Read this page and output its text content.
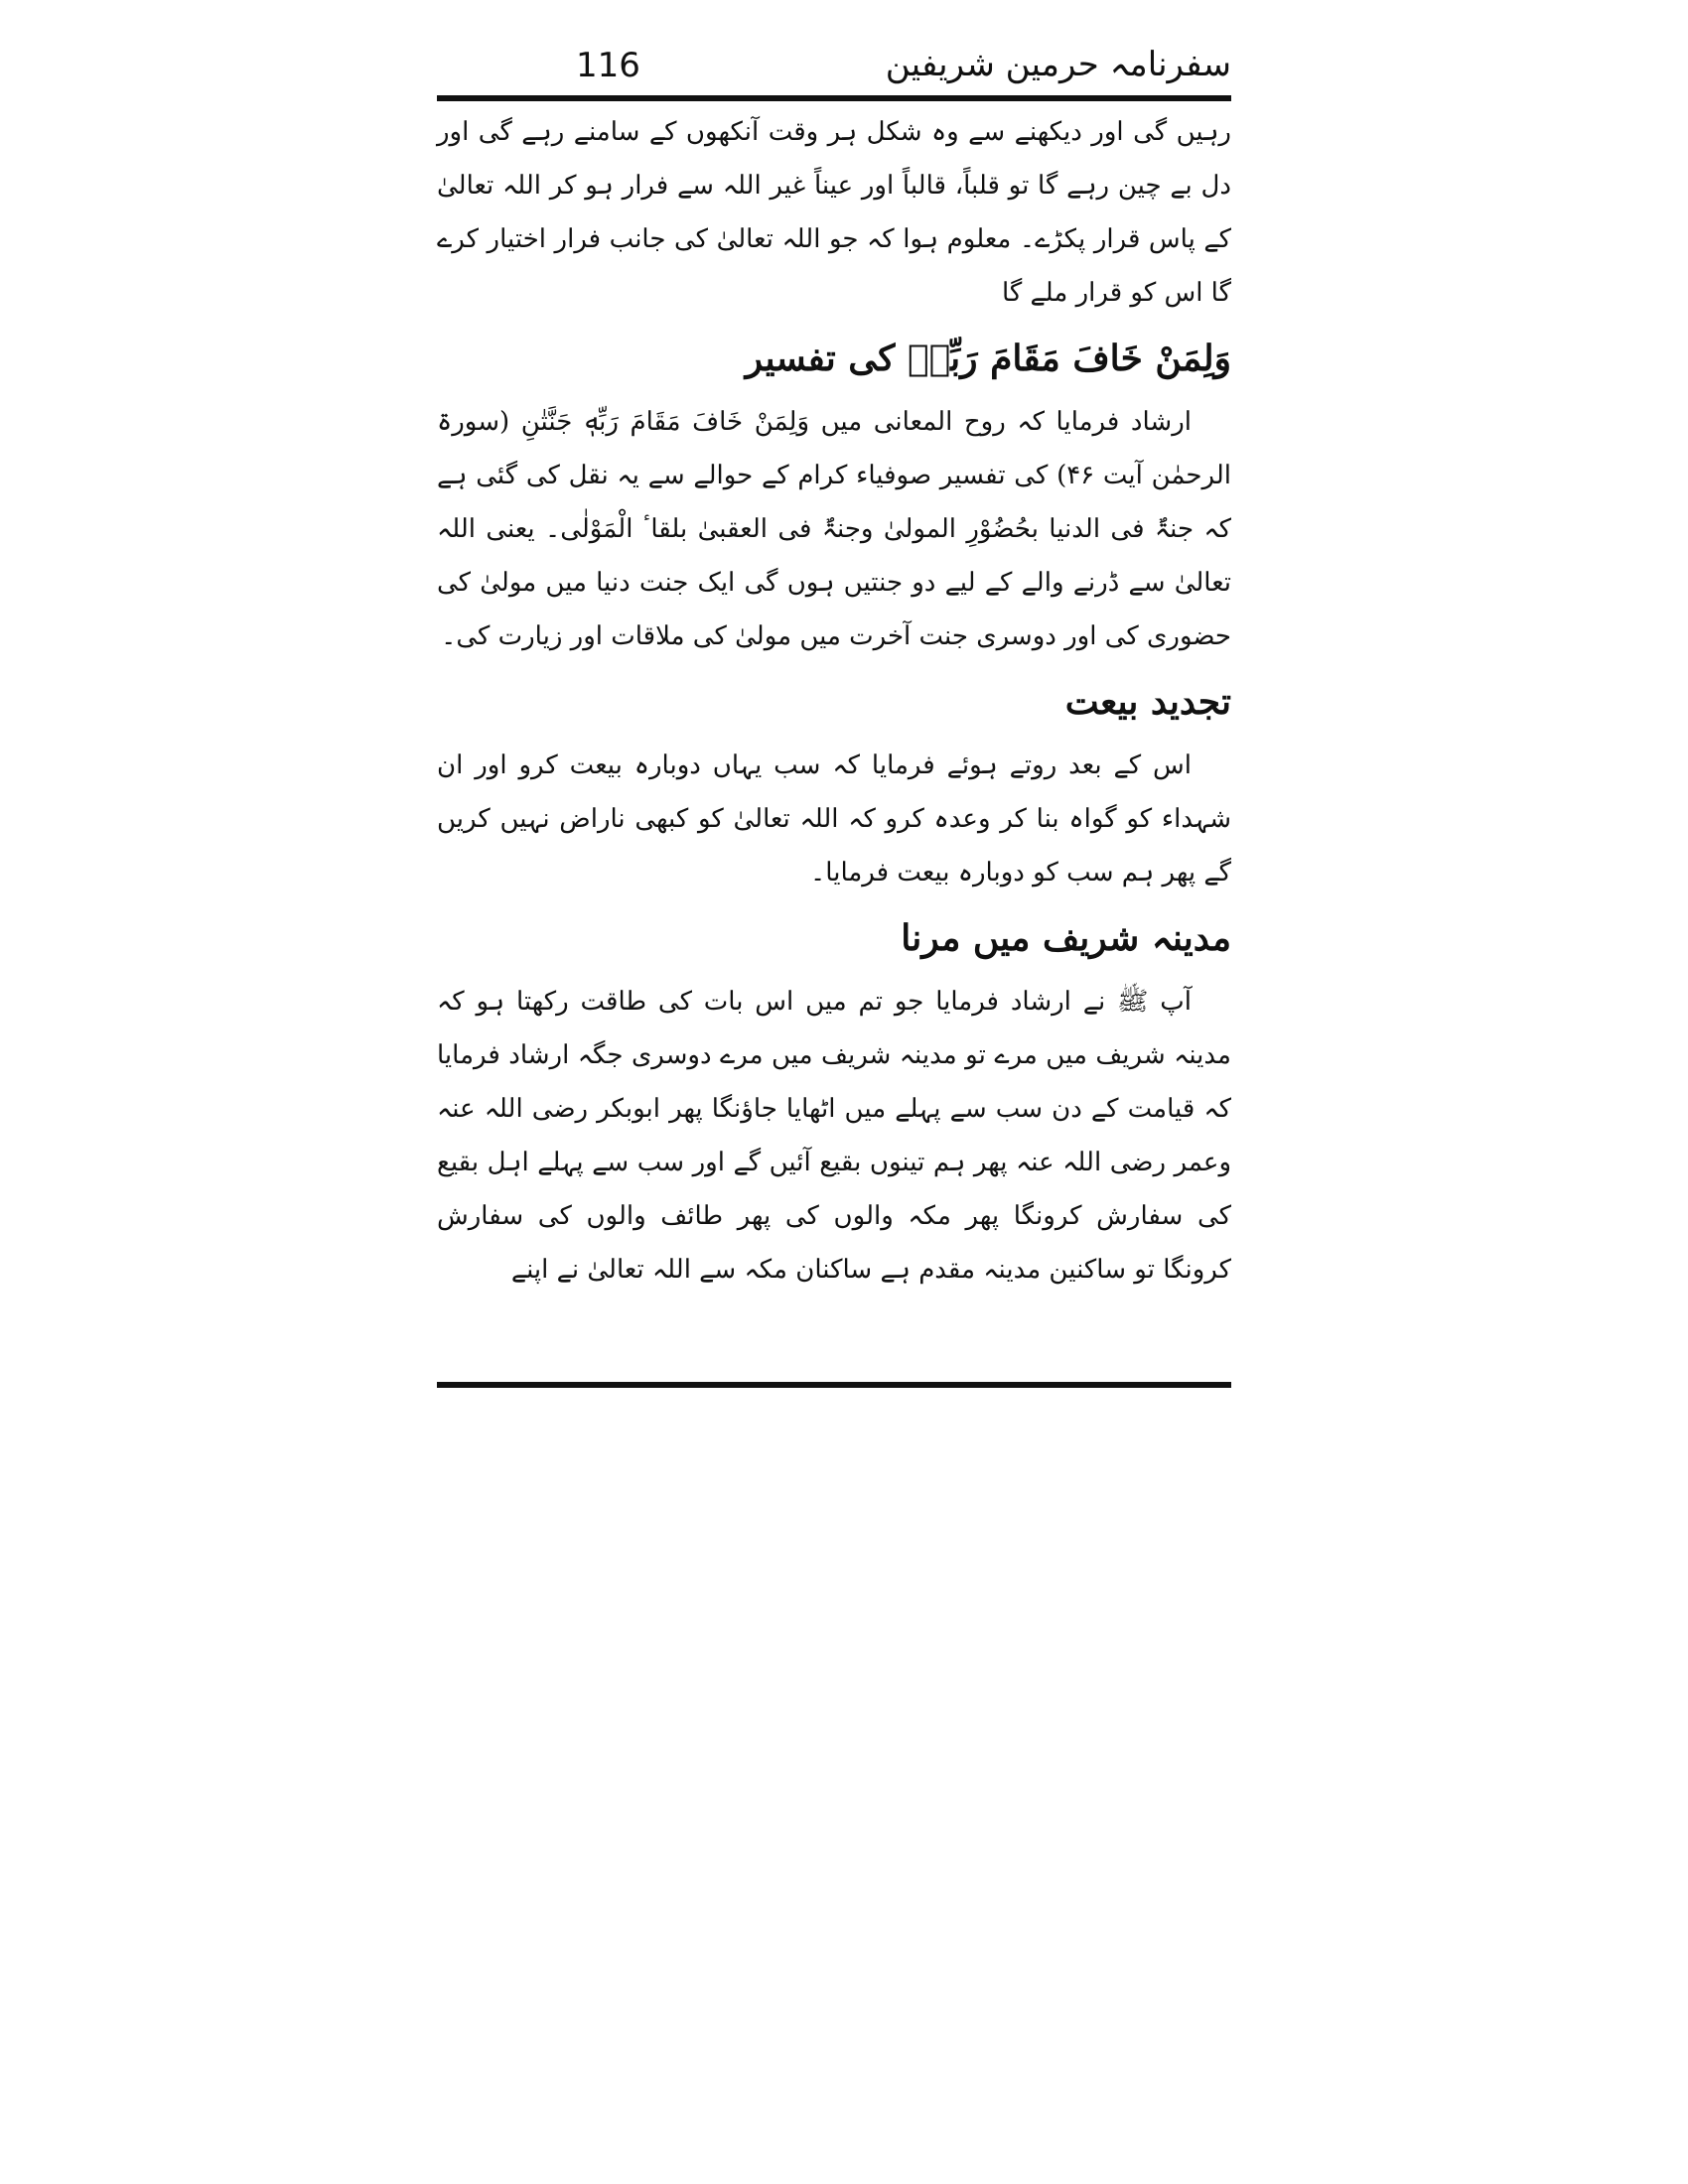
116	سفرنامہ حرمین شریفین

رہیں گی اور دیکھنے سے وہ شکل ہر وقت آنکھوں کے سامنے رہے گی اور دل بے چین رہے گا تو قلباً، قالباً اور عیناً غیر اللہ سے فرار ہو کر اللہ تعالیٰ کے پاس قرار پکڑے۔ معلوم ہوا کہ جو اللہ تعالیٰ کی جانب فرار اختیار کرے گا اس کو قرار ملے گا

وَلِمَنْ خَافَ مَقَامَ رَبِّهٖ کی تفسیر

ارشاد فرمایا کہ روح المعانی میں وَلِمَنْ خَافَ مَقَامَ رَبِّهٖ جَنَّتٰنِ (سورۃ الرحمٰن آیت ۴۶) کی تفسیر صوفیاء کرام کے حوالے سے یہ نقل کی گئی ہے کہ جنۃٌ فی الدنیا بحُضُوْرِ المولیٰ وجنۃٌ فی العقبیٰ بلقاٴ الْمَوْلٰی۔ یعنی اللہ تعالیٰ سے ڈرنے والے کے لیے دو جنتیں ہوں گی ایک جنت دنیا میں مولیٰ کی حضوری کی اور دوسری جنت آخرت میں مولیٰ کی ملاقات اور زیارت کی۔

تجدید بیعت

اس کے بعد روتے ہوئے فرمایا کہ سب یہاں دوبارہ بیعت کرو اور ان شہداء کو گواہ بنا کر وعدہ کرو کہ اللہ تعالیٰ کو کبھی ناراض نہیں کریں گے پھر ہم سب کو دوبارہ بیعت فرمایا۔

مدینہ شریف میں مرنا

آپ ﷺ نے ارشاد فرمایا جو تم میں اس بات کی طاقت رکھتا ہو کہ مدینہ شریف میں مرے تو مدینہ شریف میں مرے دوسری جگہ ارشاد فرمایا کہ قیامت کے دن سب سے پہلے میں اٹھایا جاؤنگا پھر ابوبکر رضی اللہ عنہ وعمر رضی اللہ عنہ پھر ہم تینوں بقیع آئیں گے اور سب سے پہلے اہل بقیع کی سفارش کرونگا پھر مکہ والوں کی پھر طائف والوں کی سفارش کرونگا تو ساکنین مدینہ مقدم ہے ساکنان مکہ سے اللہ تعالیٰ نے اپنے
